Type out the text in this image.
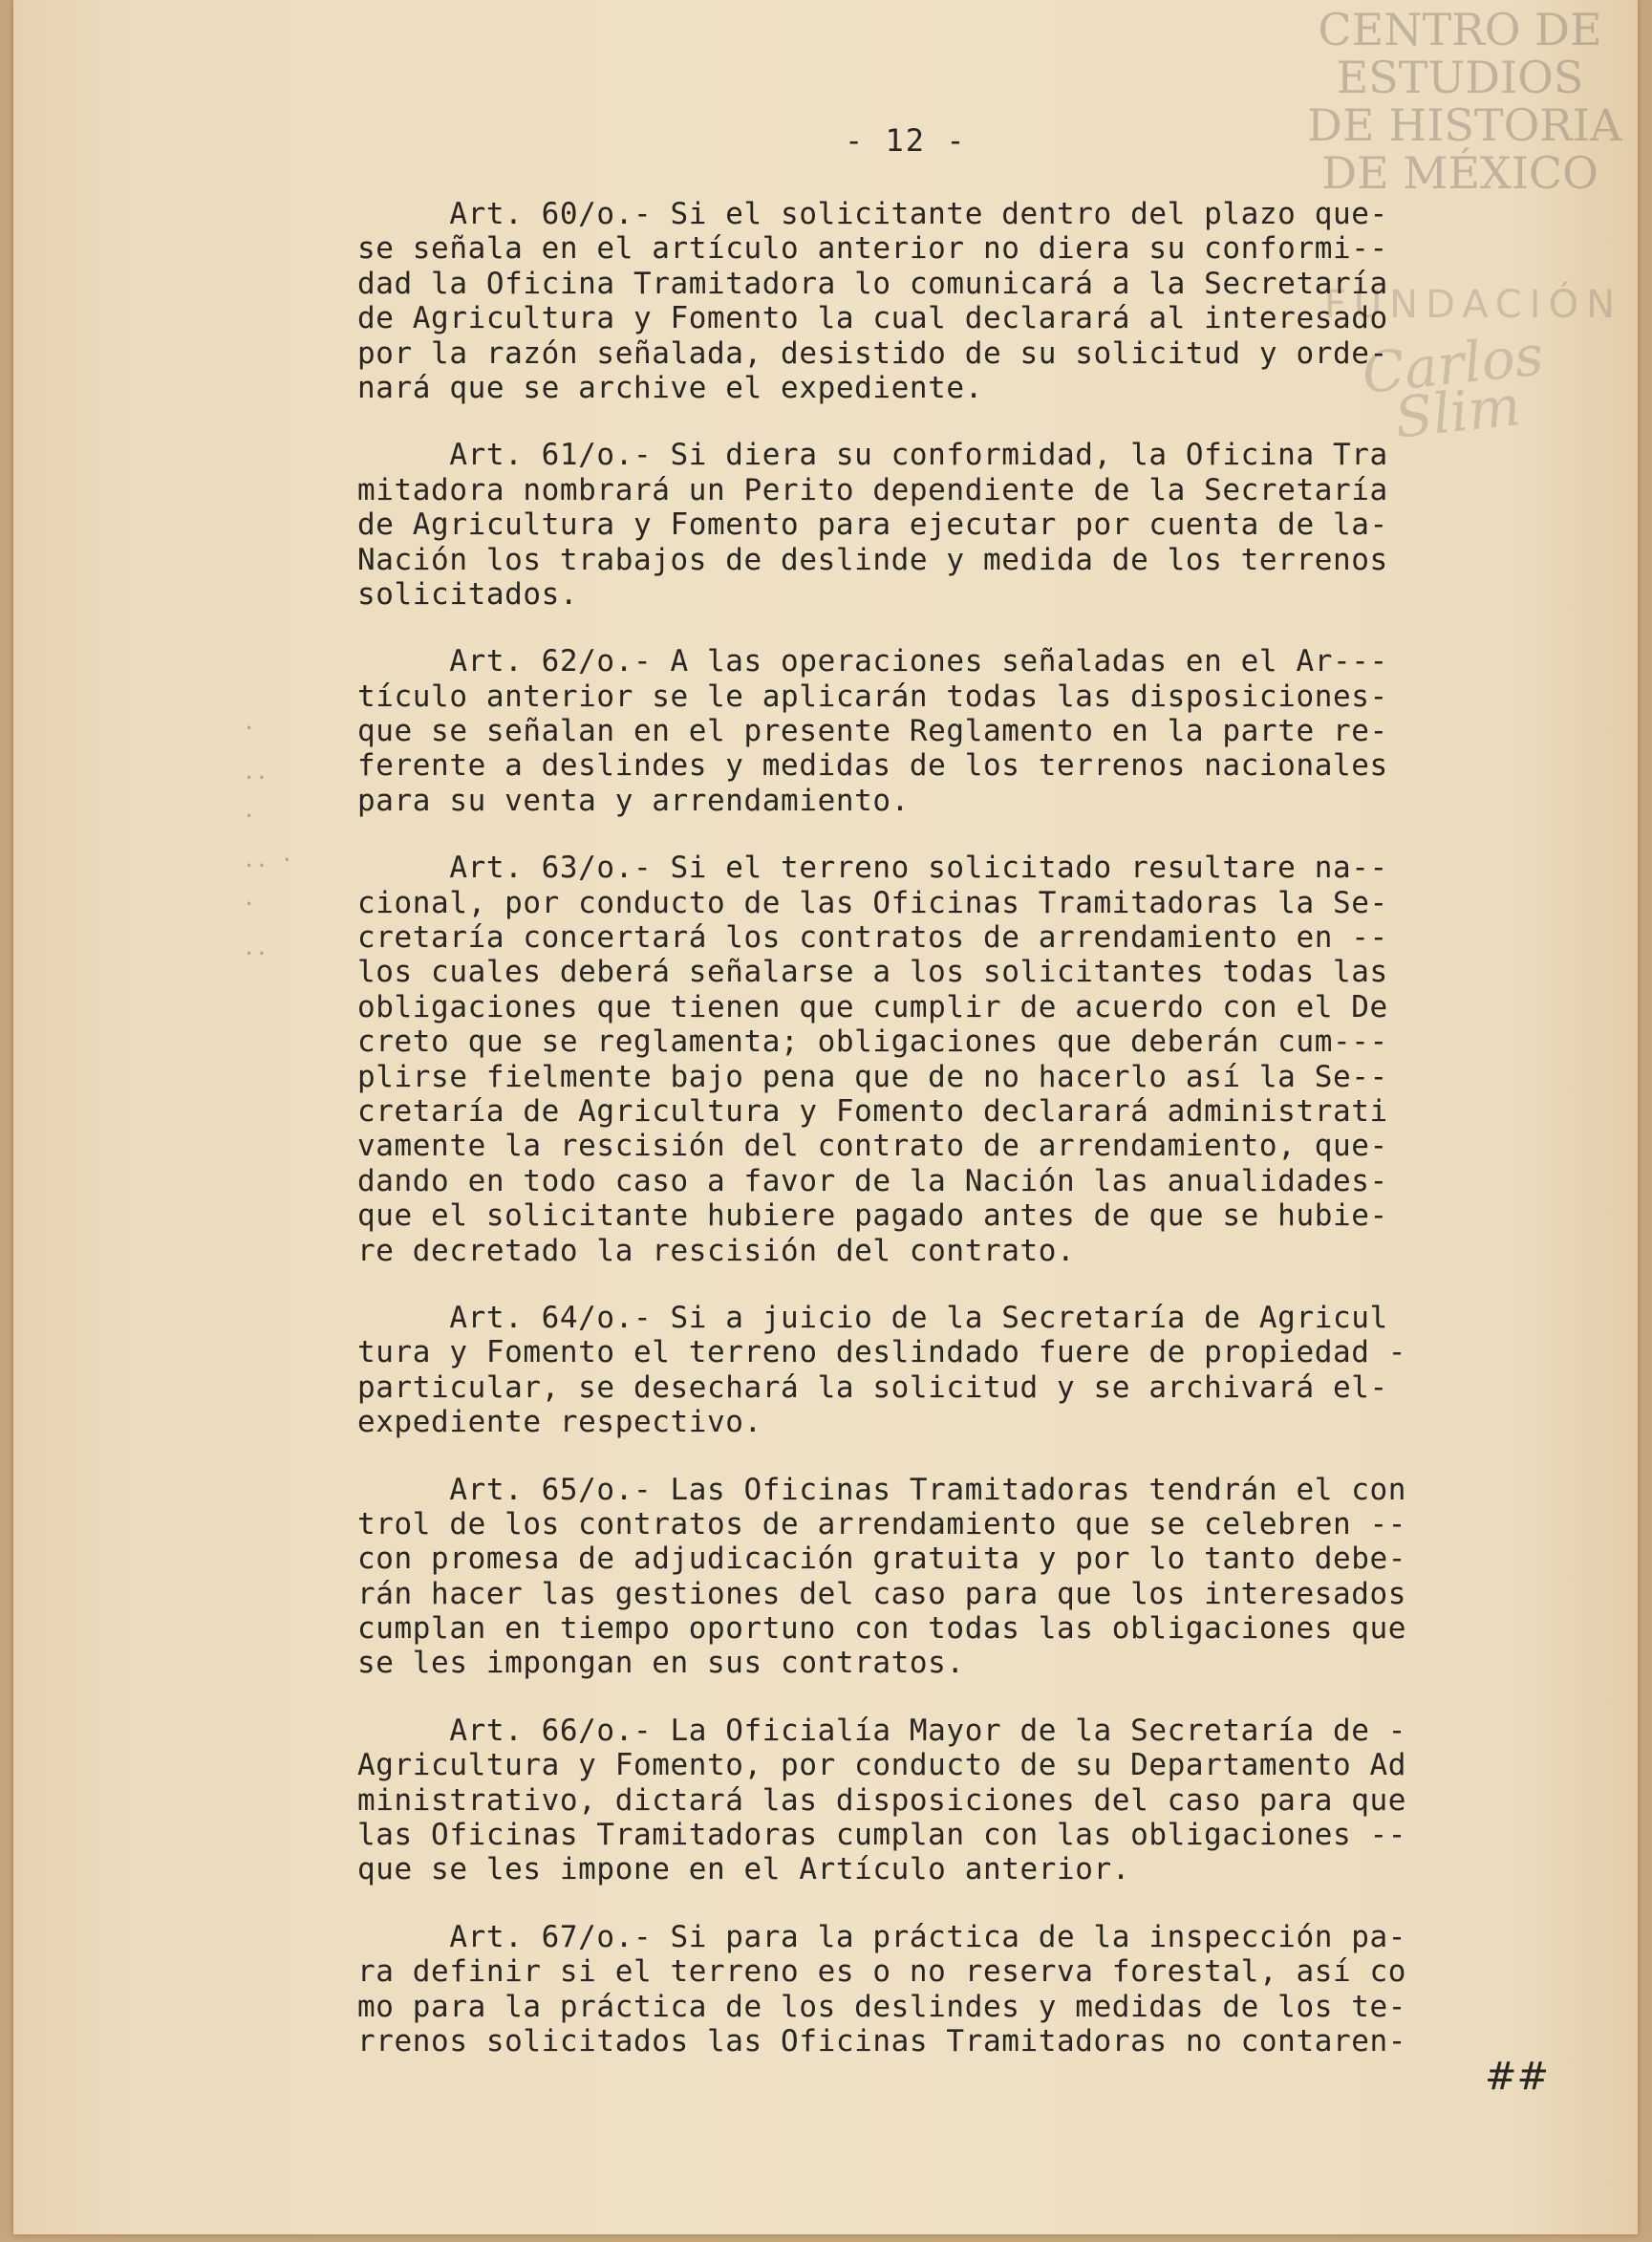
CENTRO DE
ESTUDIOS
DE HISTORIA
DE MÉXICO
FUNDACIÓN
Carlos Slim
- 12 -
·
..
·
.. ·
·
..
Art. 60/o.- Si el solicitante dentro del plazo que-
se señala en el artículo anterior no diera su conformi--
dad la Oficina Tramitadora lo comunicará a la Secretaría
de Agricultura y Fomento la cual declarará al interesado
por la razón señalada, desistido de su solicitud y orde-
nará que se archive el expediente.
Art. 61/o.- Si diera su conformidad, la Oficina Tra
mitadora nombrará un Perito dependiente de la Secretaría
de Agricultura y Fomento para ejecutar por cuenta de la-
Nación los trabajos de deslinde y medida de los terrenos
solicitados.
Art. 62/o.- A las operaciones señaladas en el Ar---
tículo anterior se le aplicarán todas las disposiciones-
que se señalan en el presente Reglamento en la parte re-
ferente a deslindes y medidas de los terrenos nacionales
para su venta y arrendamiento.
Art. 63/o.- Si el terreno solicitado resultare na--
cional, por conducto de las Oficinas Tramitadoras la Se-
cretaría concertará los contratos de arrendamiento en --
los cuales deberá señalarse a los solicitantes todas las
obligaciones que tienen que cumplir de acuerdo con el De
creto que se reglamenta; obligaciones que deberán cum---
plirse fielmente bajo pena que de no hacerlo así la Se--
cretaría de Agricultura y Fomento declarará administrati
vamente la rescisión del contrato de arrendamiento, que-
dando en todo caso a favor de la Nación las anualidades-
que el solicitante hubiere pagado antes de que se hubie-
re decretado la rescisión del contrato.
Art. 64/o.- Si a juicio de la Secretaría de Agricul
tura y Fomento el terreno deslindado fuere de propiedad -
particular, se desechará la solicitud y se archivará el-
expediente respectivo.
Art. 65/o.- Las Oficinas Tramitadoras tendrán el con
trol de los contratos de arrendamiento que se celebren --
con promesa de adjudicación gratuita y por lo tanto debe-
rán hacer las gestiones del caso para que los interesados
cumplan en tiempo oportuno con todas las obligaciones que
se les impongan en sus contratos.
Art. 66/o.- La Oficialía Mayor de la Secretaría de -
Agricultura y Fomento, por conducto de su Departamento Ad
ministrativo, dictará las disposiciones del caso para que
las Oficinas Tramitadoras cumplan con las obligaciones --
que se les impone en el Artículo anterior.
Art. 67/o.- Si para la práctica de la inspección pa-
ra definir si el terreno es o no reserva forestal, así co
mo para la práctica de los deslindes y medidas de los te-
rrenos solicitados las Oficinas Tramitadoras no contaren-
##
